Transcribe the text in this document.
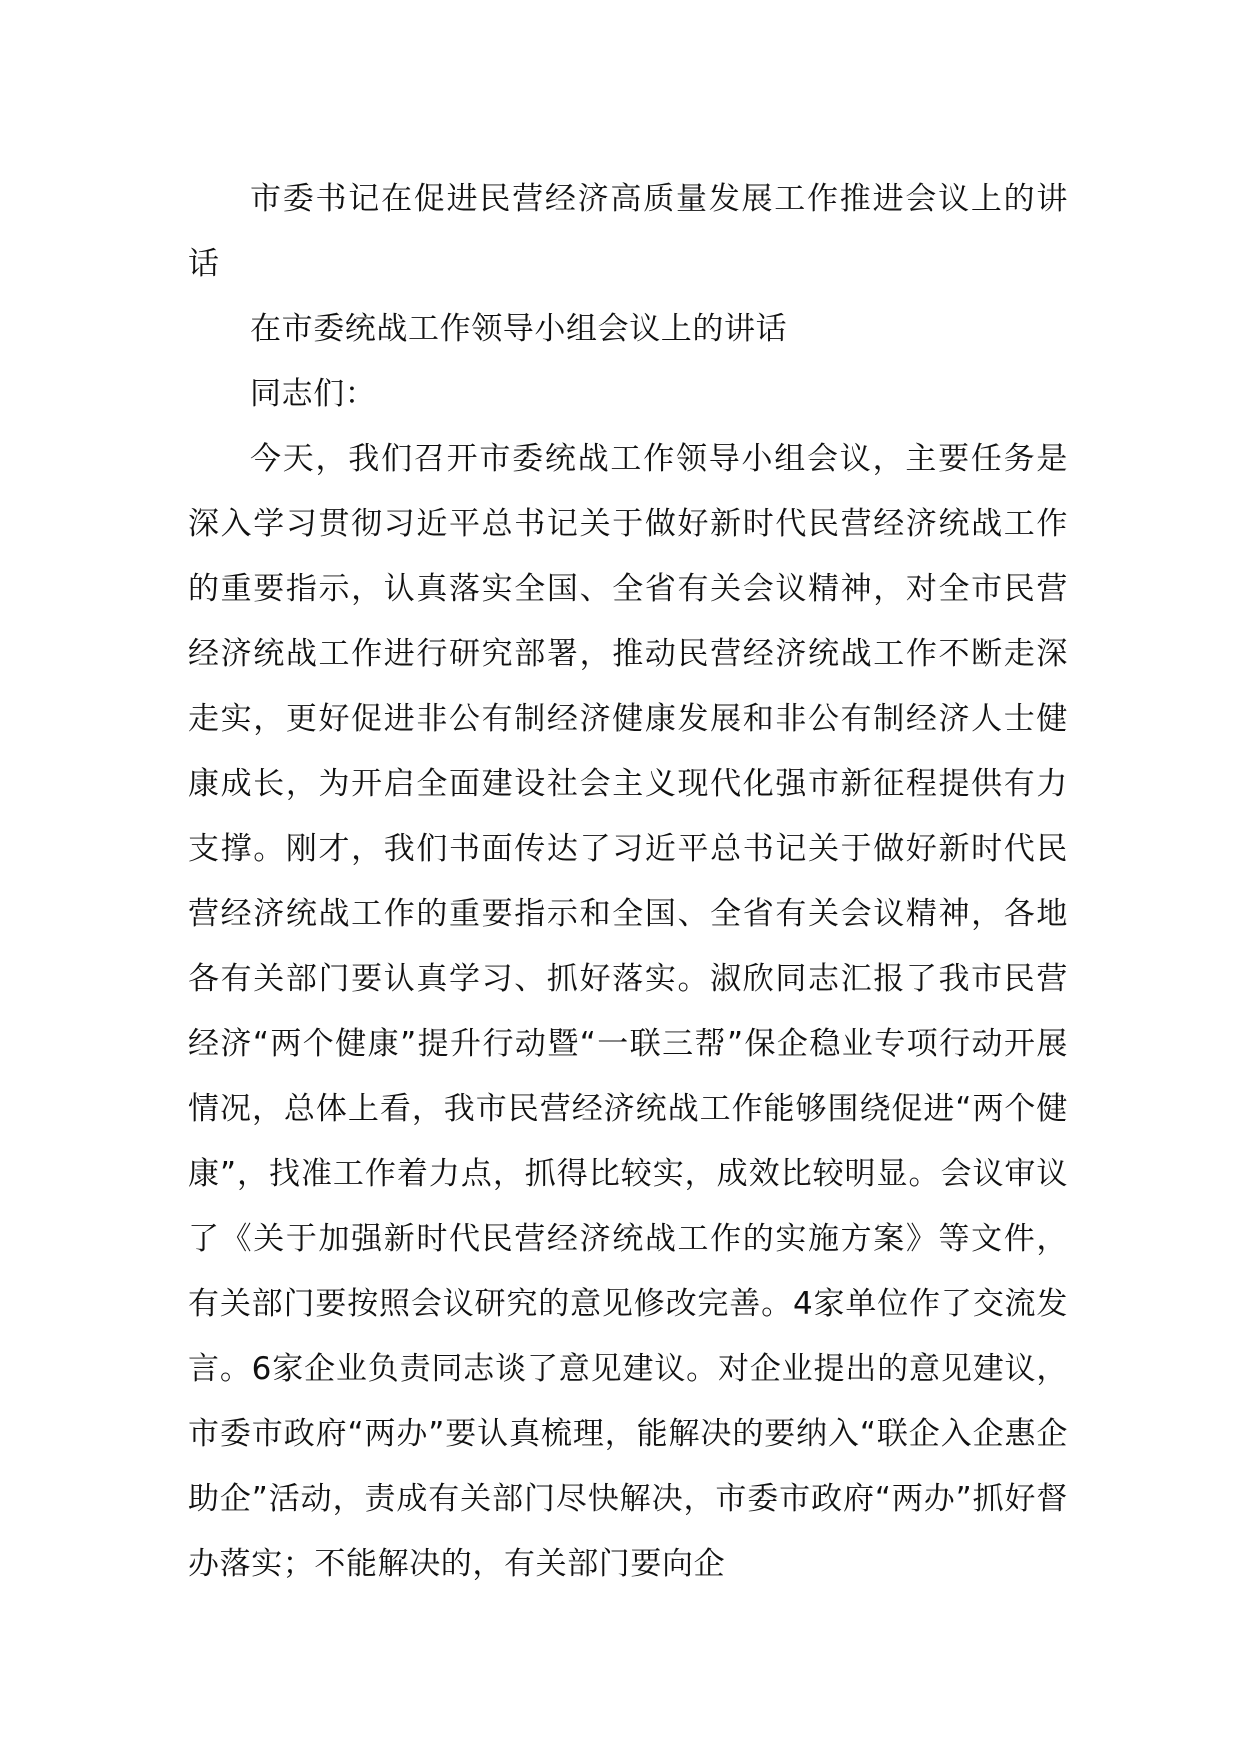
市委书记在促进民营经济高质量发展工作推进会议上的讲话

在市委统战工作领导小组会议上的讲话

同志们：

今天，我们召开市委统战工作领导小组会议，主要任务是深入学习贯彻习近平总书记关于做好新时代民营经济统战工作的重要指示，认真落实全国、全省有关会议精神，对全市民营经济统战工作进行研究部署，推动民营经济统战工作不断走深走实，更好促进非公有制经济健康发展和非公有制经济人士健康成长，为开启全面建设社会主义现代化强市新征程提供有力支撑。刚才，我们书面传达了习近平总书记关于做好新时代民营经济统战工作的重要指示和全国、全省有关会议精神，各地各有关部门要认真学习、抓好落实。淑欣同志汇报了我市民营经济“两个健康”提升行动暨“一联三帮”保企稳业专项行动开展情况，总体上看，我市民营经济统战工作能够围绕促进“两个健康”，找准工作着力点，抓得比较实，成效比较明显。会议审议了《关于加强新时代民营经济统战工作的实施方案》等文件，有关部门要按照会议研究的意见修改完善。4家单位作了交流发言。6家企业负责同志谈了意见建议。对企业提出的意见建议，市委市政府“两办”要认真梳理，能解决的要纳入“联企入企惠企助企”活动，责成有关部门尽快解决，市委市政府“两办”抓好督办落实；不能解决的，有关部门要向企
